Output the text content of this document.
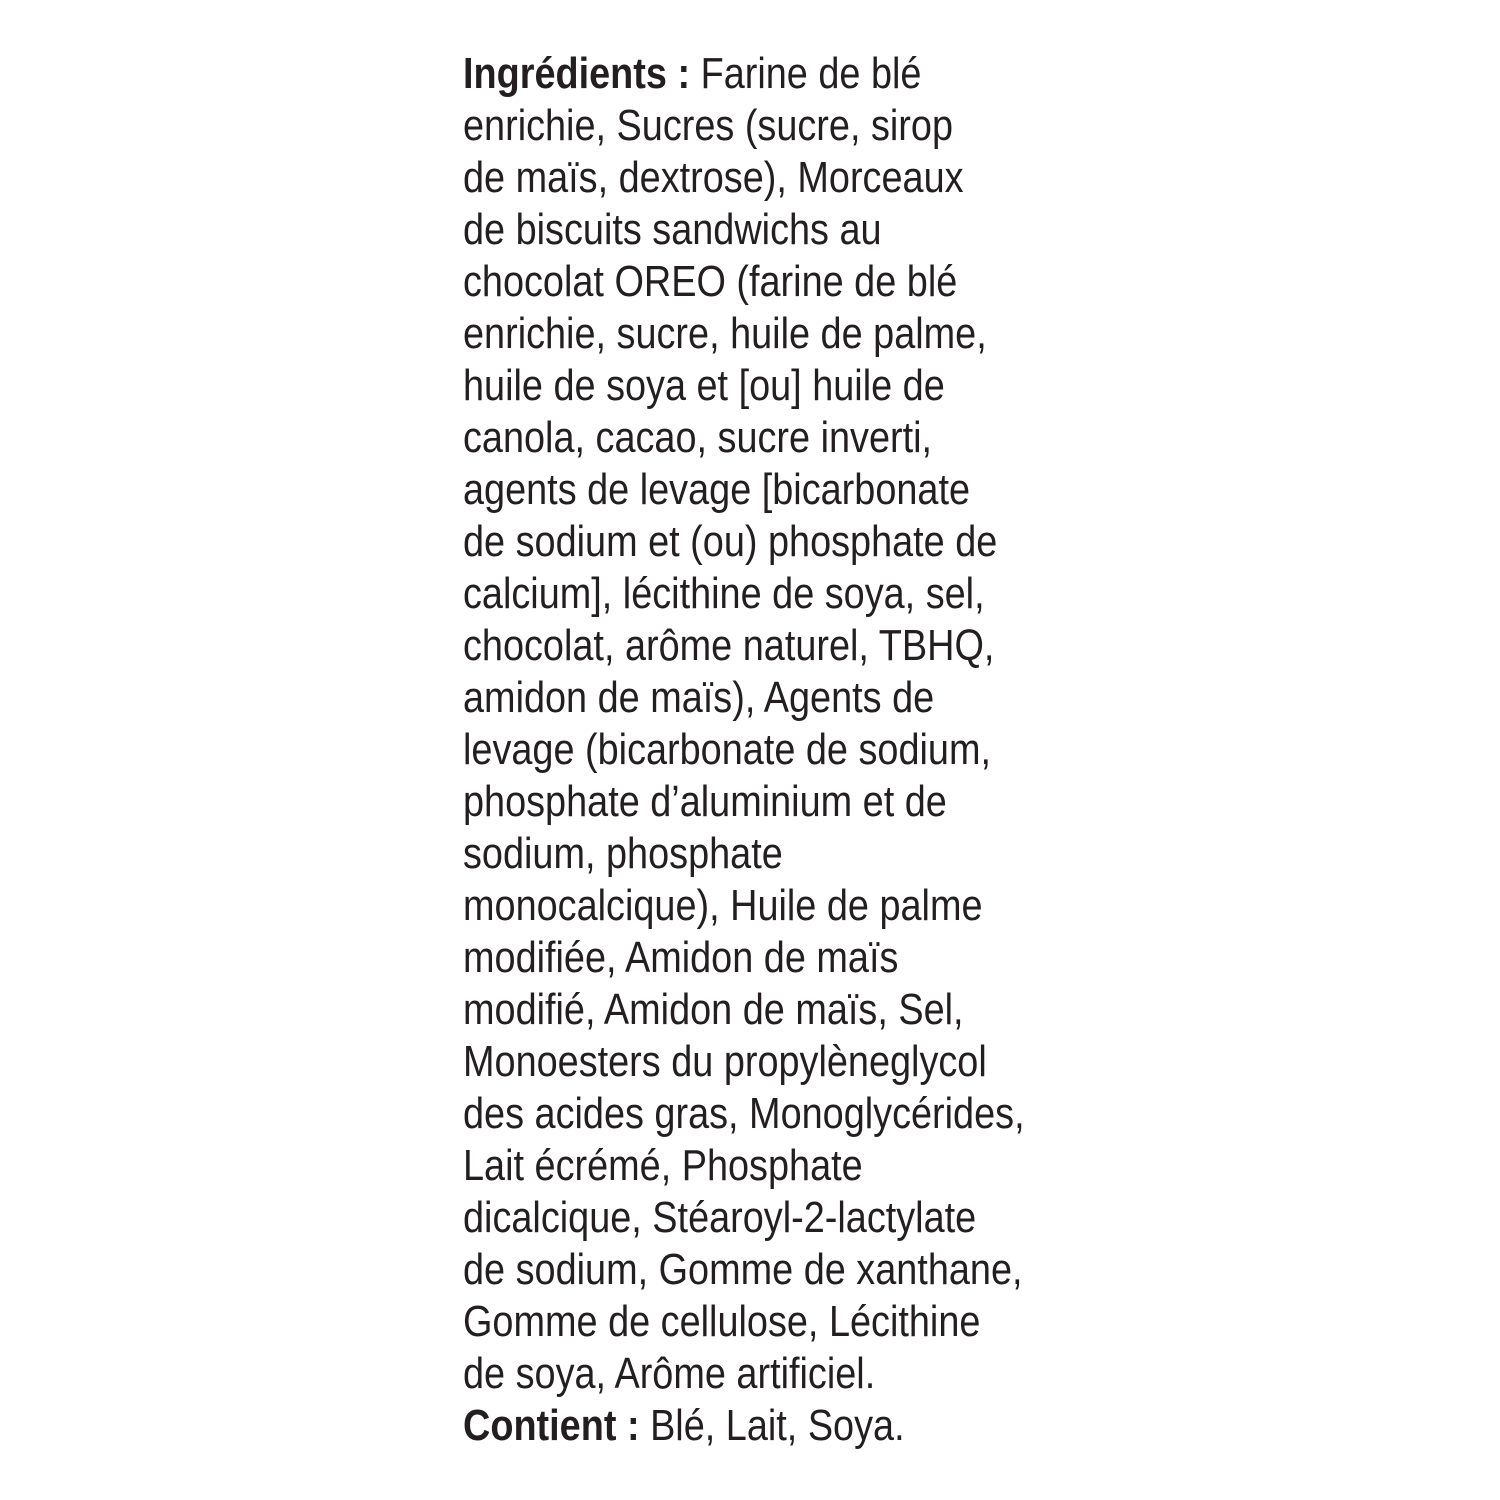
Ingrédients : Farine de blé
enrichie, Sucres (sucre, sirop
de maïs, dextrose), Morceaux
de biscuits sandwichs au
chocolat OREO (farine de blé
enrichie, sucre, huile de palme,
huile de soya et [ou] huile de
canola, cacao, sucre inverti,
agents de levage [bicarbonate
de sodium et (ou) phosphate de
calcium], lécithine de soya, sel,
chocolat, arôme naturel, TBHQ,
amidon de maïs), Agents de
levage (bicarbonate de sodium,
phosphate d’aluminium et de
sodium, phosphate
monocalcique), Huile de palme
modifiée, Amidon de maïs
modifié, Amidon de maïs, Sel,
Monoesters du propylèneglycol
des acides gras, Monoglycérides,
Lait écrémé, Phosphate
dicalcique, Stéaroyl-2-lactylate
de sodium, Gomme de xanthane,
Gomme de cellulose, Lécithine
de soya, Arôme artificiel.
Contient : Blé, Lait, Soya.
